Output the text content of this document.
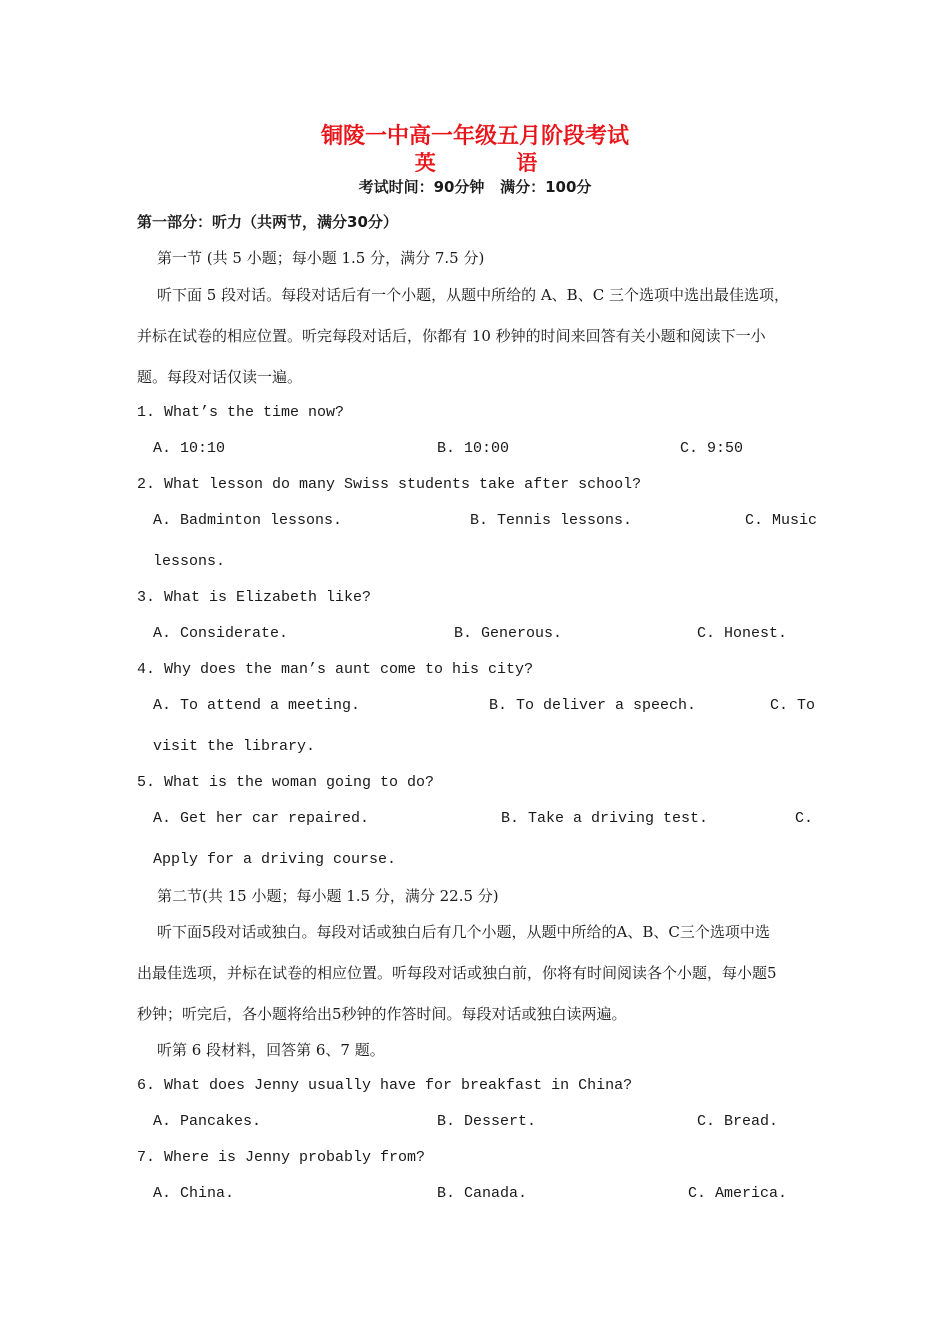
铜陵一中高一年级五月阶段考试
英  语
考试时间：90分钟   满分：100分
第一部分：听力（共两节，满分30分）
第一节 (共 5 小题；每小题 1.5 分，满分 7.5 分)
听下面 5 段对话。每段对话后有一个小题，从题中所给的 A、B、C 三个选项中选出最佳选项，
并标在试卷的相应位置。听完每段对话后，你都有 10 秒钟的时间来回答有关小题和阅读下一小
题。每段对话仅读一遍。
1. What’s the time now?
A. 10:10	B. 10:00	C. 9:50
2. What lesson do many Swiss students take after school?
A. Badminton lessons.	B. Tennis lessons.	C. Music
lessons.
3. What is Elizabeth like?
A. Considerate.	B. Generous.	C. Honest.
4. Why does the man’s aunt come to his city?
A. To attend a meeting.	B. To deliver a speech.	C. To
visit the library.
5. What is the woman going to do?
A. Get her car repaired.	B. Take a driving test.	C.
Apply for a driving course.
第二节(共 15 小题；每小题 1.5 分，满分 22.5 分)
听下面5段对话或独白。每段对话或独白后有几个小题，从题中所给的A、B、C三个选项中选
出最佳选项，并标在试卷的相应位置。听每段对话或独白前，你将有时间阅读各个小题，每小题5
秒钟；听完后，各小题将给出5秒钟的作答时间。每段对话或独白读两遍。
听第 6 段材料，回答第 6、7 题。
6. What does Jenny usually have for breakfast in China?
A. Pancakes.	B. Dessert.	C. Bread.
7. Where is Jenny probably from?
A. China.	B. Canada.	C. America.
